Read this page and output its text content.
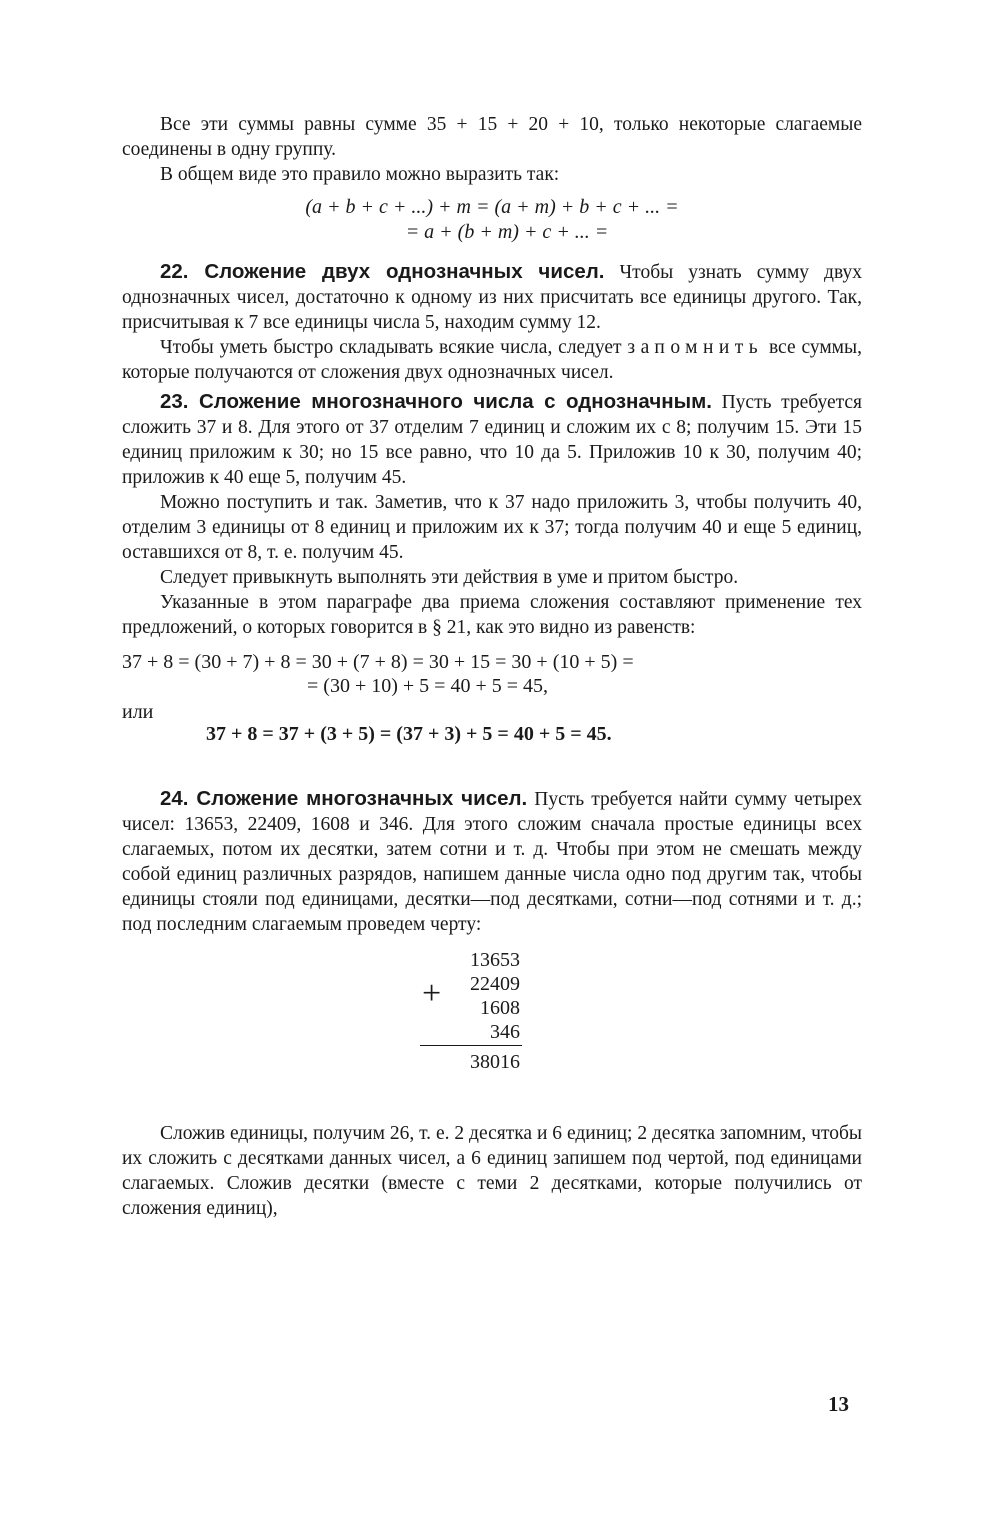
Все эти суммы равны сумме 35 + 15 + 20 + 10, только некоторые слагаемые соединены в одну группу.

В общем виде это правило можно выразить так:

(a + b + c + ...) + m = (a + m) + b + c + ... =
= a + (b + m) + c + ... =

22. Сложение двух однозначных чисел. Чтобы узнать сумму двух однозначных чисел, достаточно к одному из них присчитать все единицы другого. Так, присчитывая к 7 все единицы числа 5, находим сумму 12.

Чтобы уметь быстро складывать всякие числа, следует запомнить все суммы, которые получаются от сложения двух однозначных чисел.

23. Сложение многозначного числа с однозначным. Пусть требуется сложить 37 и 8. Для этого от 37 отделим 7 единиц и сложим их с 8; получим 15. Эти 15 единиц приложим к 30; но 15 все равно, что 10 да 5. Приложив 10 к 30, получим 40; приложив к 40 еще 5, получим 45.

Можно поступить и так. Заметив, что к 37 надо приложить 3, чтобы получить 40, отделим 3 единицы от 8 единиц и приложим их к 37; тогда получим 40 и еще 5 единиц, оставшихся от 8, т. е. получим 45.

Следует привыкнуть выполнять эти действия в уме и притом быстро.

Указанные в этом параграфе два приема сложения составляют применение тех предложений, о которых говорится в § 21, как это видно из равенств:

37 + 8 = (30 + 7) + 8 = 30 + (7 + 8) = 30 + 15 = 30 + (10 + 5) =
= (30 + 10) + 5 = 40 + 5 = 45,
или
37 + 8 = 37 + (3 + 5) = (37 + 3) + 5 = 40 + 5 = 45.

24. Сложение многозначных чисел. Пусть требуется найти сумму четырех чисел: 13653, 22409, 1608 и 346. Для этого сложим сначала простые единицы всех слагаемых, потом их десятки, затем сотни и т. д. Чтобы при этом не смешать между собой единиц различных разрядов, напишем данные числа одно под другим так, чтобы единицы стояли под единицами, десятки—под десятками, сотни—под сотнями и т. д.; под последним слагаемым проведем черту:

13653
22409
1608
346
+
38016

Сложив единицы, получим 26, т. е. 2 десятка и 6 единиц; 2 десятка запомним, чтобы их сложить с десятками данных чисел, а 6 единиц запишем под чертой, под единицами слагаемых. Сложив десятки (вместе с теми 2 десятками, которые получились от сложения единиц),

13
